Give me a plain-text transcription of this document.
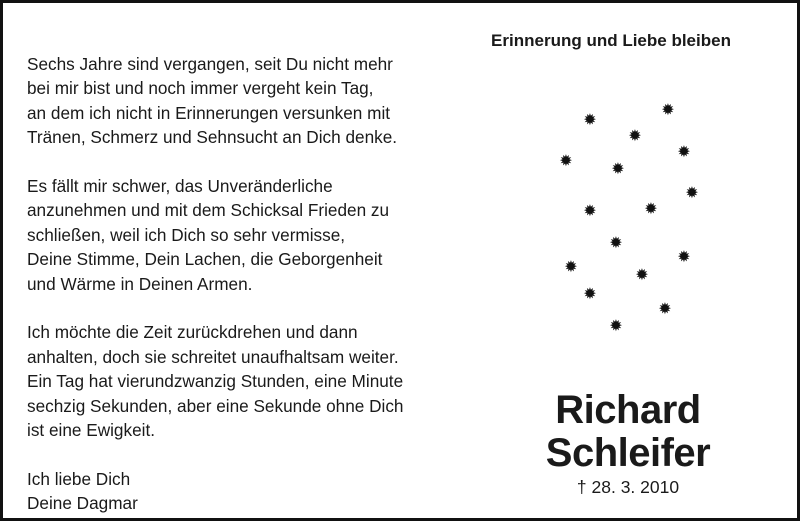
Sechs Jahre sind vergangen, seit Du nicht mehr
bei mir bist und noch immer vergeht kein Tag,
an dem ich nicht in Erinnerungen versunken mit
Tränen, Schmerz und Sehnsucht an Dich denke.
Es fällt mir schwer, das Unveränderliche
anzunehmen und mit dem Schicksal Frieden zu
schließen, weil ich Dich so sehr vermisse,
Deine Stimme, Dein Lachen, die Geborgenheit
und Wärme in Deinen Armen.
Ich möchte die Zeit zurückdrehen und dann
anhalten, doch sie schreitet unaufhaltsam weiter.
Ein Tag hat vierundzwanzig Stunden, eine Minute
sechzig Sekunden, aber eine Sekunde ohne Dich
ist eine Ewigkeit.
Ich liebe Dich
Deine Dagmar
Erinnerung und Liebe bleiben
✹
✹
✹
✹
✹ ✹
✹
✹	✹
✹
✹
✹	✹
✹
✹
✹
Richard
Schleifer
† 28. 3. 2010
